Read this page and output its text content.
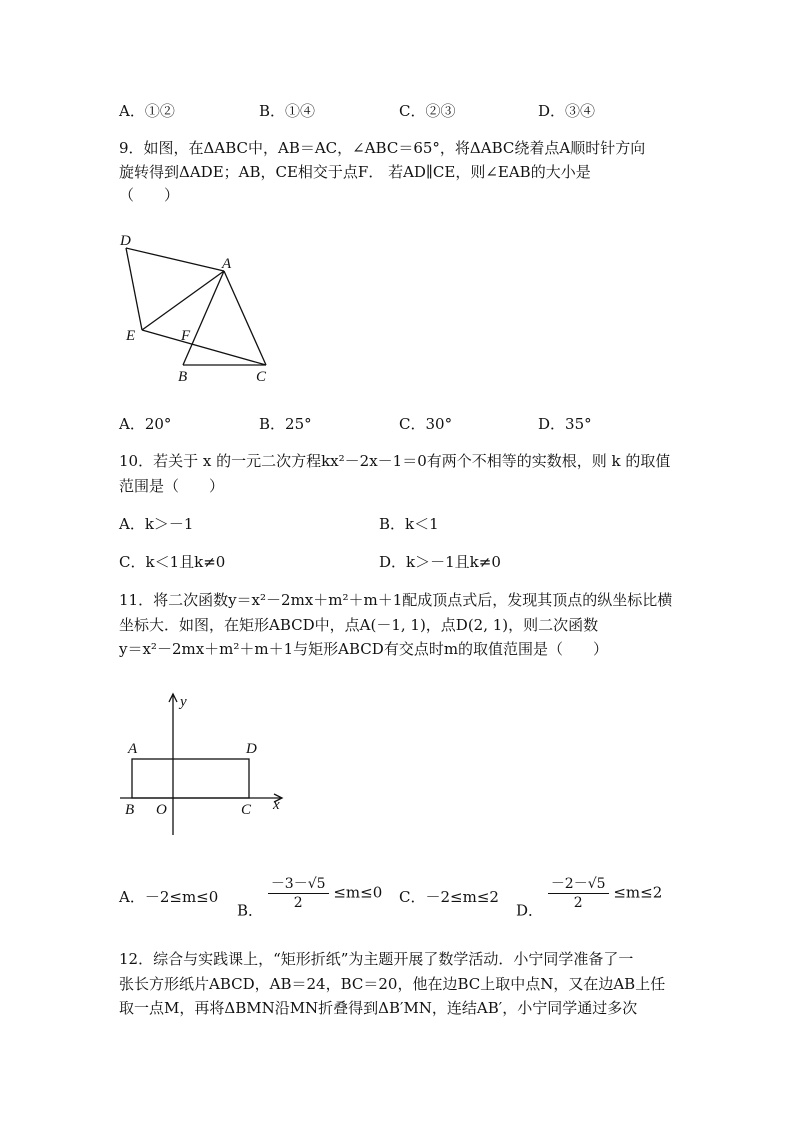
A．①②	B．①④	C．②③	D．③④
9．如图，在ΔABC中，AB＝AC，∠ABC＝65°，将ΔABC绕着点A顺时针方向
旋转得到ΔADE；AB，CE相交于点F． 若AD∥CE，则∠EAB的大小是
（　　）
D
A
E	F
B	C
A．20°	B．25°	C．30°	D．35°
10．若关于 x 的一元二次方程kx²－2x－1＝0有两个不相等的实数根，则 k 的取值
范围是（　　）
A．k＞－1	B．k＜1
C．k＜1且k≠0	D．k＞－1且k≠0
11．将二次函数y＝x²－2mx＋m²＋m＋1配成顶点式后，发现其顶点的纵坐标比横
坐标大．如图，在矩形ABCD中，点A(－1, 1)，点D(2, 1)，则二次函数
y＝x²－2mx＋m²＋m＋1与矩形ABCD有交点时m的取值范围是（　　）
y
x
A	D
B O	C
A．－2≤m≤0
B． $\frac{-3-√5}{2} \le m\le 0$ C．－2≤m≤2
D． $\frac{-2-√5}{2} \le m\le 2$
12．综合与实践课上，“矩形折纸”为主题开展了数学活动．小宁同学准备了一
张长方形纸片ABCD，AB＝24，BC＝20，他在边BC上取中点N，又在边AB上任
取一点M，再将ΔBMN沿MN折叠得到ΔB′MN，连结AB′，小宁同学通过多次
